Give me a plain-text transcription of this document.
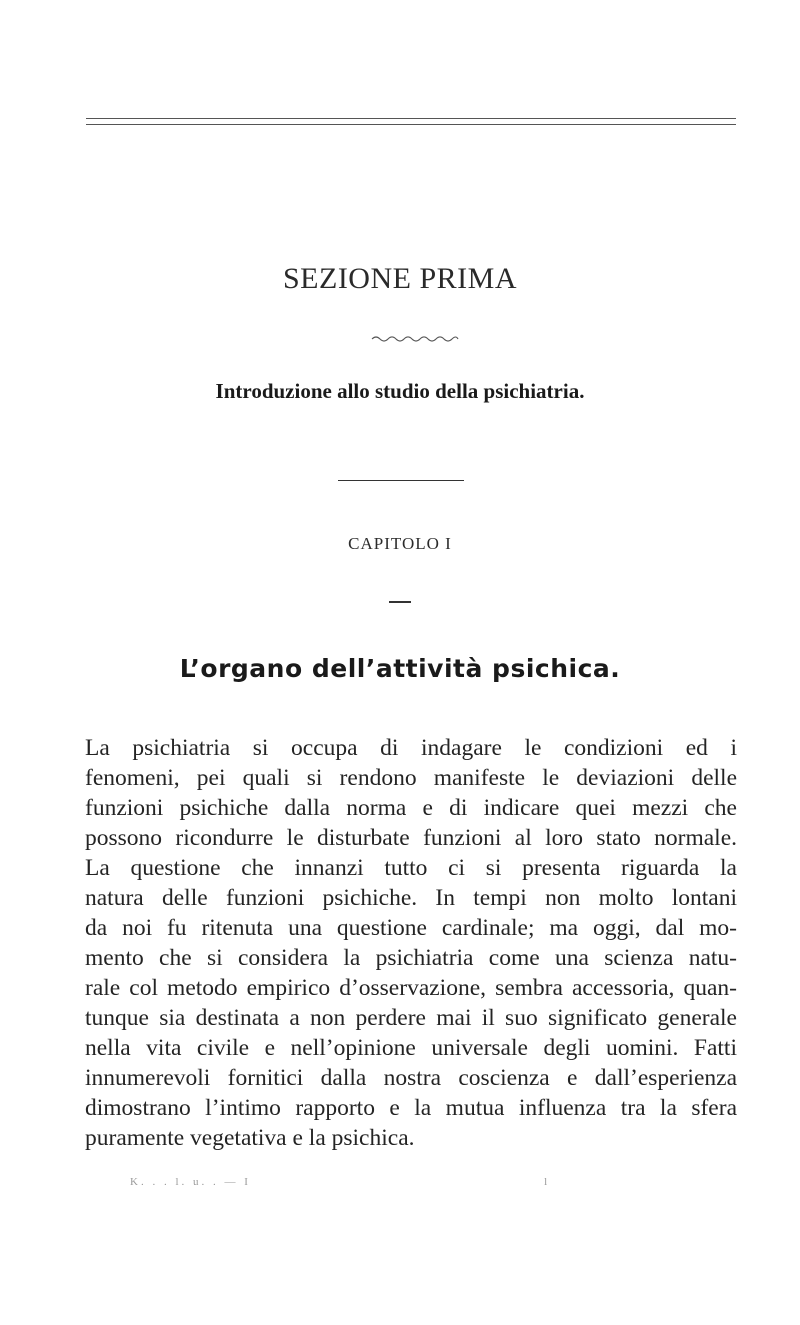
SEZIONE PRIMA
Introduzione allo studio della psichiatria.
CAPITOLO I
L’organo dell’attività psichica.
La psichiatria si occupa di indagare le condizioni ed i
fenomeni, pei quali si rendono manifeste le deviazioni delle
funzioni psichiche dalla norma e di indicare quei mezzi che
possono ricondurre le disturbate funzioni al loro stato normale.
La questione che innanzi tutto ci si presenta riguarda la
natura delle funzioni psichiche. In tempi non molto lontani
da noi fu ritenuta una questione cardinale; ma oggi, dal mo-
mento che si considera la psichiatria come una scienza natu-
rale col metodo empirico d’osservazione, sembra accessoria, quan-
tunque sia destinata a non perdere mai il suo significato generale
nella vita civile e nell’opinione universale degli uomini. Fatti
innumerevoli fornitici dalla nostra coscienza e dall’esperienza
dimostrano l’intimo rapporto e la mutua influenza tra la sfera
puramente vegetativa e la psichica.
K. . . l. u. . — I                                                   l
